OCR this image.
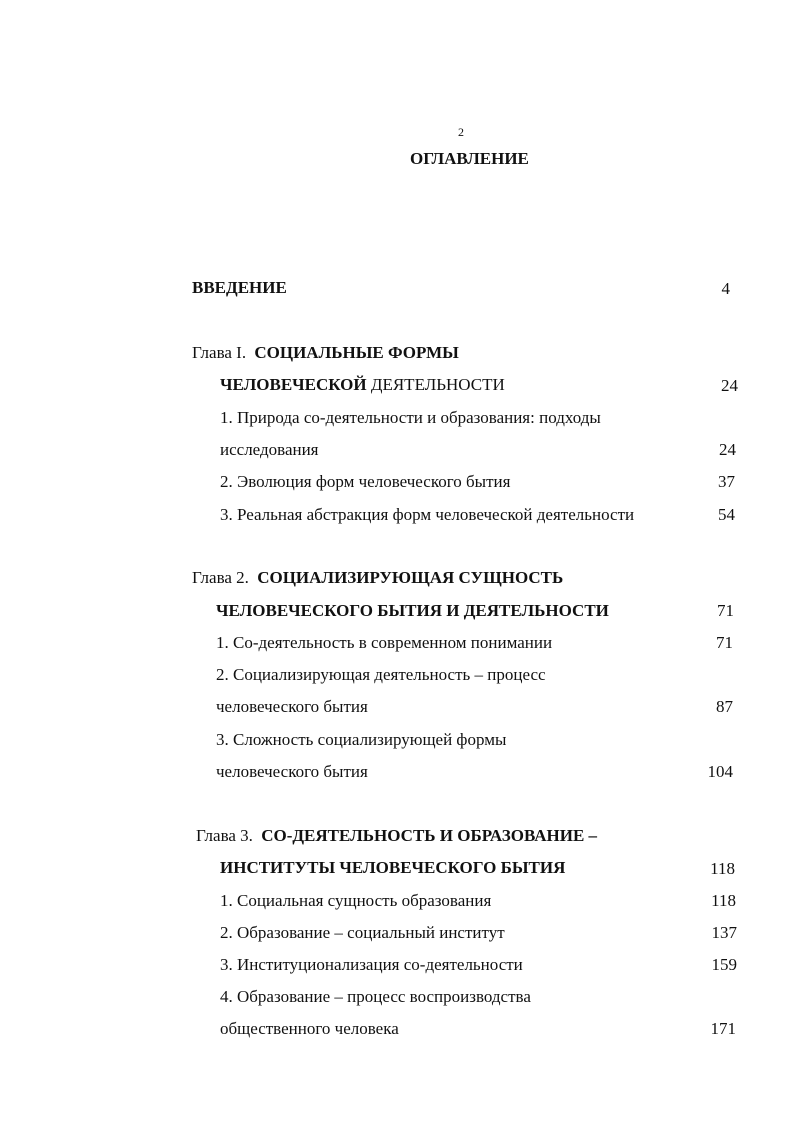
2
ОГЛАВЛЕНИЕ
ВВЕДЕНИЕ	4
Глава I. СОЦИАЛЬНЫЕ ФОРМЫ
ЧЕЛОВЕЧЕСКОЙ ДЕЯТЕЛЬНОСТИ	24
1. Природа со-деятельности и образования: подходы
исследования	24
2. Эволюция форм человеческого бытия	37
3. Реальная абстракция форм человеческой деятельности	54
Глава 2. СОЦИАЛИЗИРУЮЩАЯ СУЩНОСТЬ
ЧЕЛОВЕЧЕСКОГО БЫТИЯ И ДЕЯТЕЛЬНОСТИ	71
1. Со-деятельность в современном понимании	71
2. Социализирующая деятельность – процесс
человеческого бытия	87
3. Сложность социализирующей формы
человеческого бытия	104
Глава 3. СО-ДЕЯТЕЛЬНОСТЬ И ОБРАЗОВАНИЕ –
ИНСТИТУТЫ ЧЕЛОВЕЧЕСКОГО БЫТИЯ	118
1. Социальная сущность образования	118
2. Образование – социальный институт	137
3. Институционализация со-деятельности	159
4. Образование – процесс воспроизводства
общественного человека	171
